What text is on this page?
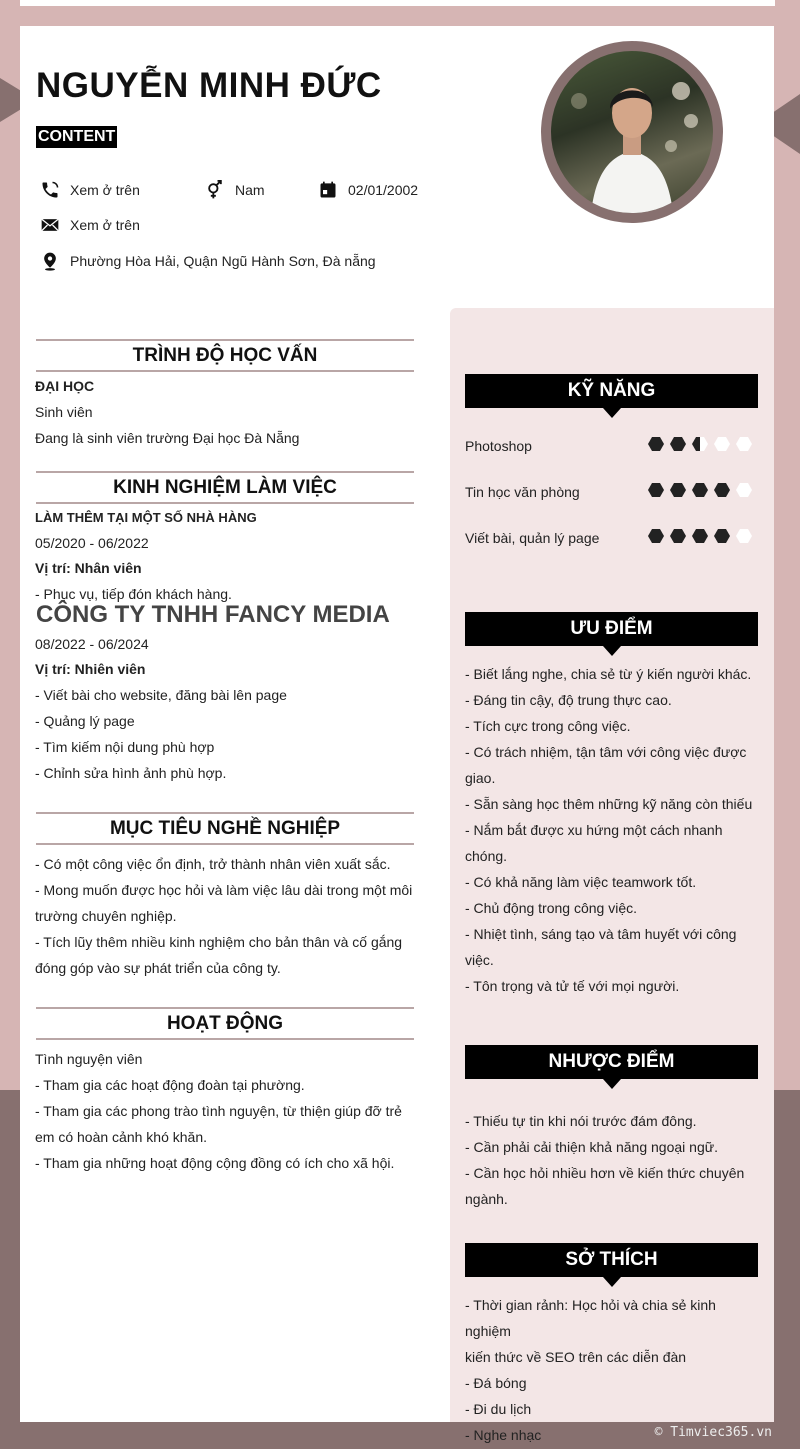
NGUYỄN MINH ĐỨC
CONTENT
Xem ở trên	Nam	02/01/2002
Xem ở trên
Phường Hòa Hải, Quận Ngũ Hành Sơn, Đà nẵng
TRÌNH ĐỘ HỌC VẤN
ĐẠI HỌC
Sinh viên
Đang là sinh viên trường Đại học Đà Nẵng
KINH NGHIỆM LÀM VIỆC
LÀM THÊM TẠI MỘT SỐ NHÀ HÀNG
05/2020 - 06/2022
Vị trí: Nhân viên
- Phục vụ, tiếp đón khách hàng.
CÔNG TY TNHH FANCY MEDIA
08/2022 - 06/2024
Vị trí: Nhiên viên
- Viết bài cho website, đăng bài lên page
- Quảng lý page
- Tìm kiếm nội dung phù hợp
- Chỉnh sửa hình ảnh phù hợp.
MỤC TIÊU NGHỀ NGHIỆP
- Có một công việc ổn định, trở thành nhân viên xuất sắc.
- Mong muốn được học hỏi và làm việc lâu dài trong một môi
trường chuyên nghiệp.
- Tích lũy thêm nhiều kinh nghiệm cho bản thân và cố gắng
đóng góp vào sự phát triển của công ty.
HOẠT ĐỘNG
Tình nguyện viên
- Tham gia các hoạt động đoàn tại phường.
- Tham gia các phong trào tình nguyện, từ thiện giúp đỡ trẻ
em có hoàn cảnh khó khăn.
- Tham gia những hoạt động cộng đồng có ích cho xã hội.
KỸ NĂNG
Photoshop
Tin học văn phòng
Viết bài, quản lý page
ƯU ĐIỂM
- Biết lắng nghe, chia sẻ từ ý kiến người khác.
- Đáng tin cậy, độ trung thực cao.
- Tích cực trong công việc.
- Có trách nhiệm, tận tâm với công việc được
giao.
- Sẵn sàng học thêm những kỹ năng còn thiếu
- Nắm bắt được xu hứng một cách nhanh
chóng.
- Có khả năng làm việc teamwork tốt.
- Chủ động trong công việc.
- Nhiệt tình, sáng tạo và tâm huyết với công
việc.
- Tôn trọng và tử tế với mọi người.
NHƯỢC ĐIỂM
- Thiếu tự tin khi nói trước đám đông.
- Cần phải cải thiện khả năng ngoại ngữ.
- Cần học hỏi nhiều hơn về kiến thức chuyên
ngành.
SỞ THÍCH
- Thời gian rảnh: Học hỏi và chia sẻ kinh nghiệm
kiến thức về SEO trên các diễn đàn
- Đá bóng
- Đi du lịch
- Nghe nhạc	© Timviec365.vn
